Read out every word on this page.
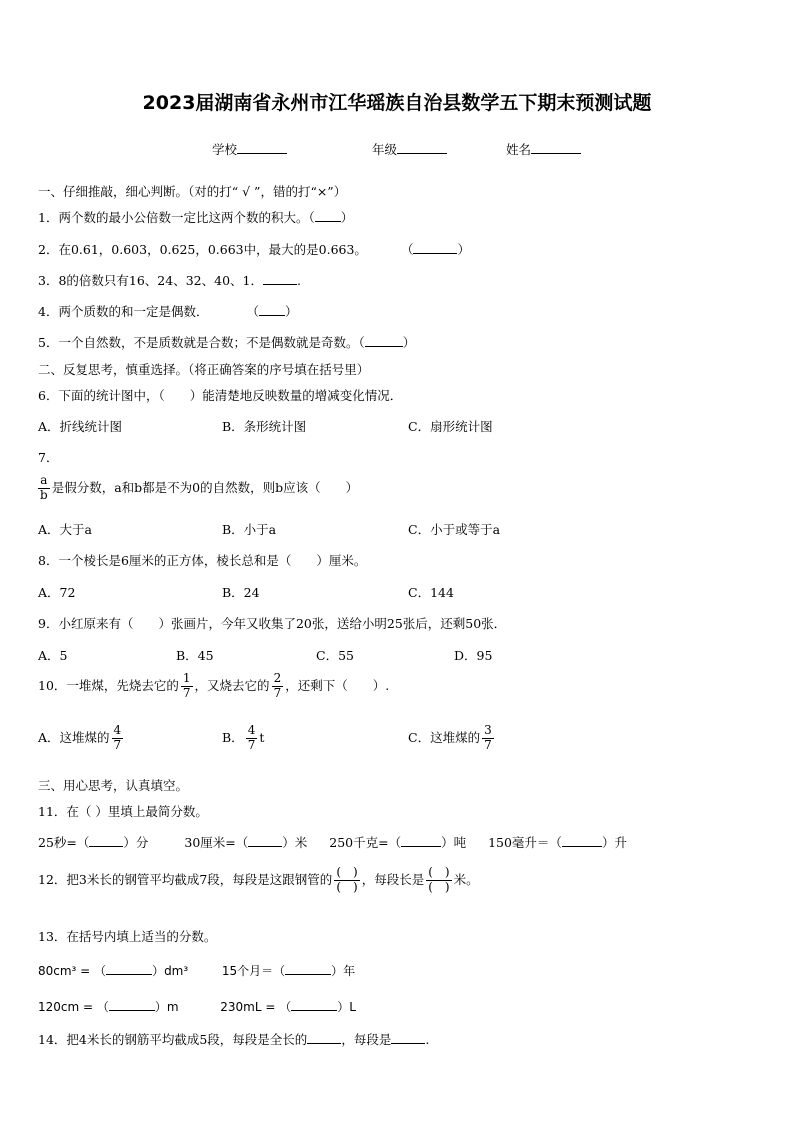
2023届湖南省永州市江华瑶族自治县数学五下期末预测试题
学校	年级	姓名
一、仔细推敲，细心判断。（对的打“ √ ”，错的打“×”）
1．两个数的最小公倍数一定比这两个数的积大。（ ）
2．在0.61，0.603，0.625，0.663中，最大的是0.663。	（	）
3．8的倍数只有16、24、32、40、1．	.
4．两个质数的和一定是偶数．	（ ）
5．一个自然数，不是质数就是合数；不是偶数就是奇数。（	）
二、反复思考，慎重选择。（将正确答案的序号填在括号里）
6．下面的统计图中，（　　）能清楚地反映数量的增减变化情况．
A．折线统计图	B．条形统计图	C．扇形统计图
7．
$\frac{a}{b}$ 是假分数，a和b都是不为0的自然数，则b应该（　　）
A．大于a	B．小于a	C．小于或等于a
8．一个棱长是6厘米的正方体，棱长总和是（　　）厘米。
A．72	B．24	C．144
9．小红原来有（　　）张画片，今年又收集了20张，送给小明25张后，还剩50张．
A．5	B．45	C．55	D．95
10．一堆煤，先烧去它的 $\frac{1}{7}$ ，又烧去它的 $\frac{2}{7}$ ，还剩下（　　）.
A．这堆煤的 $\frac{4}{7}$	B． $\frac{4}{7}$ t	C．这堆煤的 $\frac{3}{7}$
三、用心思考，认真填空。
11．在（ ）里填上最简分数。
25秒=（	）分	30厘米=（	）米 250千克=（	）吨 150毫升＝（	）升
12．把3米长的钢管平均截成7段，每段是这跟钢管的 $\frac{( )}{( )}$ ，每段长是 $\frac{( )}{( )}$ 米。
13．在括号内填上适当的分数。
80cm³ = （	）dm³	15个月＝（	）年
120cm = （	）m	230mL = （	）L
14．把4米长的钢筋平均截成5段，每段是全长的	，每段是	.
